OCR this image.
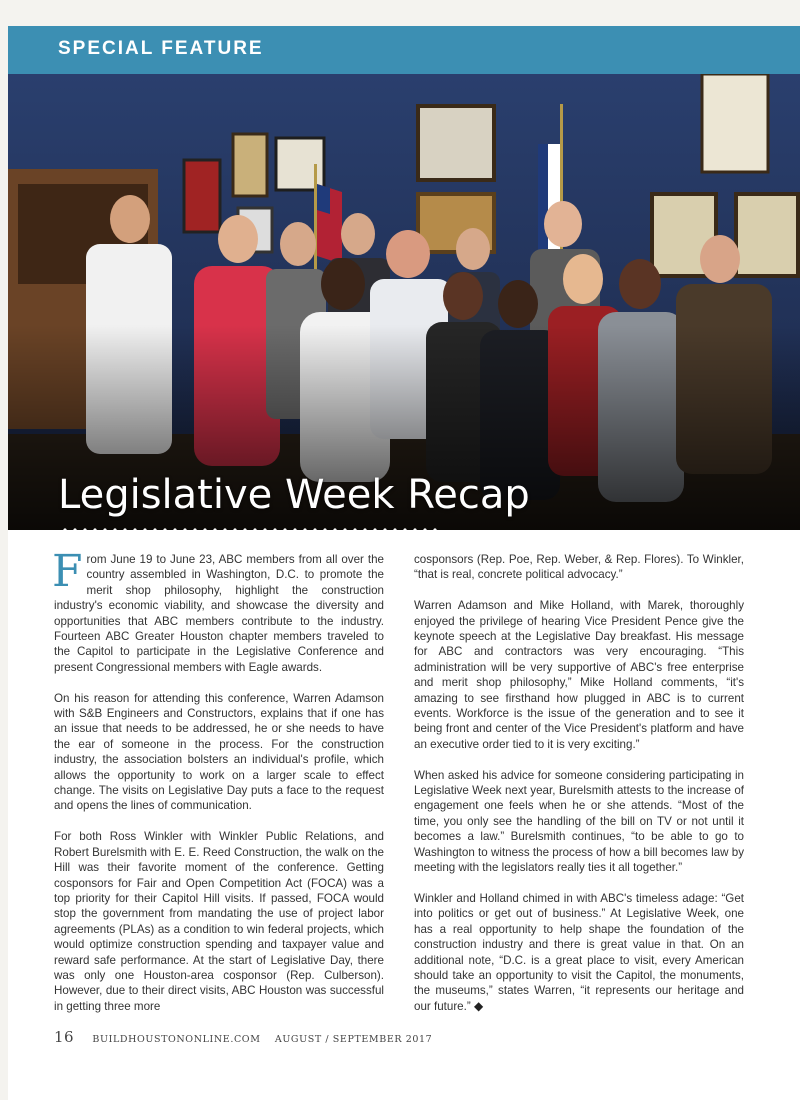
SPECIAL FEATURE
Legislative Week Recap

From June 19 to June 23, ABC members from all over the country assembled in Washington, D.C. to promote the merit shop philosophy, highlight the construction industry's economic viability, and showcase the diversity and opportunities that ABC members contribute to the industry. Fourteen ABC Greater Houston chapter members traveled to the Capitol to participate in the Legislative Conference and present Congressional members with Eagle awards.

On his reason for attending this conference, Warren Adamson with S&B Engineers and Constructors, explains that if one has an issue that needs to be addressed, he or she needs to have the ear of someone in the process. For the construction industry, the association bolsters an individual's profile, which allows the opportunity to work on a larger scale to effect change. The visits on Legislative Day puts a face to the request and opens the lines of communication.

For both Ross Winkler with Winkler Public Relations, and Robert Burelsmith with E. E. Reed Construction, the walk on the Hill was their favorite moment of the conference. Getting cosponsors for Fair and Open Competition Act (FOCA) was a top priority for their Capitol Hill visits. If passed, FOCA would stop the government from mandating the use of project labor agreements (PLAs) as a condition to win federal projects, which would optimize construction spending and taxpayer value and reward safe performance. At the start of Legislative Day, there was only one Houston-area cosponsor (Rep. Culberson). However, due to their direct visits, ABC Houston was successful in getting three more

cosponsors (Rep. Poe, Rep. Weber, & Rep. Flores). To Winkler, “that is real, concrete political advocacy.”

Warren Adamson and Mike Holland, with Marek, thoroughly enjoyed the privilege of hearing Vice President Pence give the keynote speech at the Legislative Day breakfast. His message for ABC and contractors was very encouraging. “This administration will be very supportive of ABC's free enterprise and merit shop philosophy,” Mike Holland comments, “it's amazing to see firsthand how plugged in ABC is to current events. Workforce is the issue of the generation and to see it being front and center of the Vice President's platform and have an executive order tied to it is very exciting.”

When asked his advice for someone considering participating in Legislative Week next year, Burelsmith attests to the increase of engagement one feels when he or she attends. “Most of the time, you only see the handling of the bill on TV or not until it becomes a law.” Burelsmith continues, “to be able to go to Washington to witness the process of how a bill becomes law by meeting with the legislators really ties it all together.”

Winkler and Holland chimed in with ABC's timeless adage: “Get into politics or get out of business.” At Legislative Week, one has a real opportunity to help shape the foundation of the construction industry and there is great value in that. On an additional note, “D.C. is a great place to visit, every American should take an opportunity to visit the Capitol, the monuments, the museums,” states Warren, “it represents our heritage and our future.” ◆

16 BUILDHOUSTONONLINE.COM AUGUST / SEPTEMBER 2017
